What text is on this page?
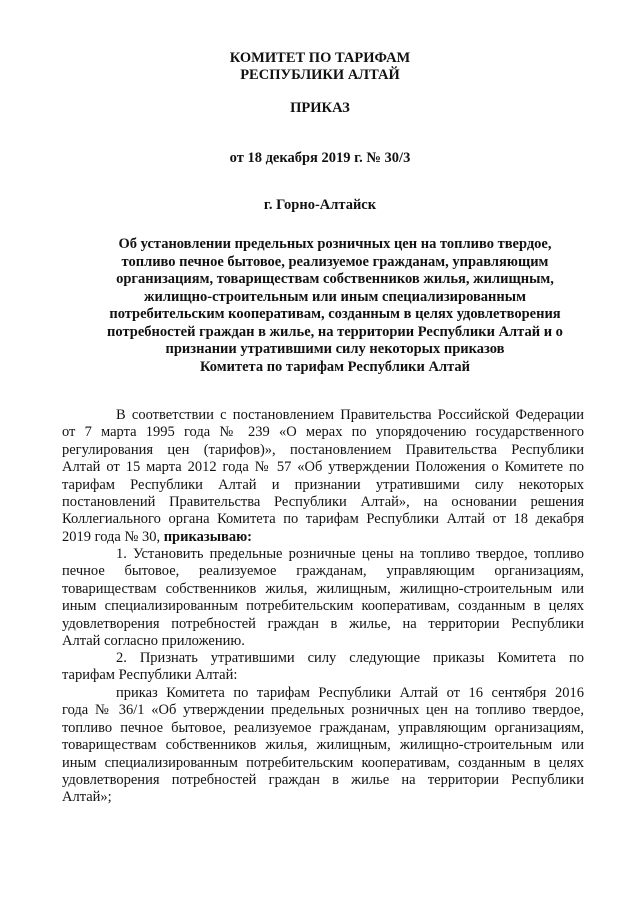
КОМИТЕТ ПО ТАРИФАМ
РЕСПУБЛИКИ АЛТАЙ
ПРИКАЗ
от 18 декабря 2019 г. № 30/3
г. Горно-Алтайск
Об установлении предельных розничных цен на топливо твердое,
топливо печное бытовое, реализуемое гражданам, управляющим
организациям, товариществам собственников жилья, жилищным,
жилищно-строительным или иным специализированным
потребительским кооперативам, созданным в целях удовлетворения
потребностей граждан в жилье, на территории Республики Алтай и о
признании утратившими силу некоторых приказов
Комитета по тарифам Республики Алтай
В соответствии с постановлением Правительства Российской Федерации
от 7 марта 1995 года № 239 «О мерах по упорядочению государственного
регулирования цен (тарифов)», постановлением Правительства Республики
Алтай от 15 марта 2012 года № 57 «Об утверждении Положения о Комитете по
тарифам Республики Алтай и признании утратившими силу некоторых
постановлений Правительства Республики Алтай», на основании решения
Коллегиального органа Комитета по тарифам Республики Алтай от 18 декабря
2019 года № 30, приказываю:
1. Установить предельные розничные цены на топливо твердое, топливо
печное бытовое, реализуемое гражданам, управляющим организациям,
товариществам собственников жилья, жилищным, жилищно-строительным или
иным специализированным потребительским кооперативам, созданным в целях
удовлетворения потребностей граждан в жилье, на территории Республики
Алтай согласно приложению.
2. Признать утратившими силу следующие приказы Комитета по
тарифам Республики Алтай:
приказ Комитета по тарифам Республики Алтай от 16 сентября 2016
года № 36/1 «Об утверждении предельных розничных цен на топливо твердое,
топливо печное бытовое, реализуемое гражданам, управляющим организациям,
товариществам собственников жилья, жилищным, жилищно-строительным или
иным специализированным потребительским кооперативам, созданным в целях
удовлетворения потребностей граждан в жилье на территории Республики
Алтай»;
